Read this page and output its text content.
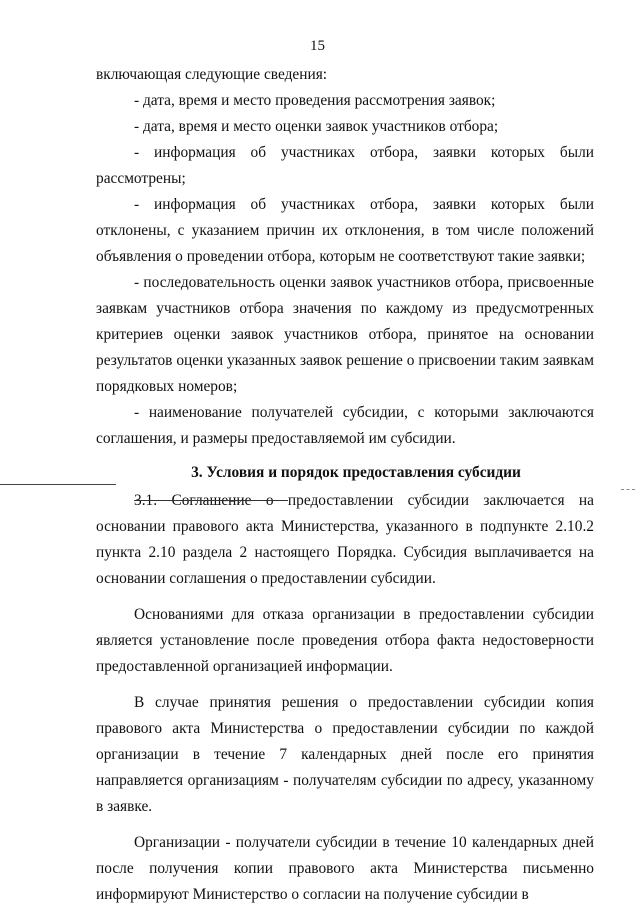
15

включающая следующие сведения:

- дата, время и место проведения рассмотрения заявок;

- дата, время и место оценки заявок участников отбора;

- информация об участниках отбора, заявки которых были рассмотрены;

- информация об участниках отбора, заявки которых были отклонены, с указанием причин их отклонения, в том числе положений объявления о проведении отбора, которым не соответствуют такие заявки;

- последовательность оценки заявок участников отбора, присвоенные заявкам участников отбора значения по каждому из предусмотренных критериев оценки заявок участников отбора, принятое на основании результатов оценки указанных заявок решение о присвоении таким заявкам порядковых номеров;

- наименование получателей субсидии, с которыми заключаются соглашения, и размеры предоставляемой им субсидии.

3. Условия и порядок предоставления субсидии

3.1. Соглашение о предоставлении субсидии заключается на основании правового акта Министерства, указанного в подпункте 2.10.2 пункта 2.10 раздела 2 настоящего Порядка. Субсидия выплачивается на основании соглашения о предоставлении субсидии.

Основаниями для отказа организации в предоставлении субсидии является установление после проведения отбора факта недостоверности предоставленной организацией информации.

В случае принятия решения о предоставлении субсидии копия правового акта Министерства о предоставлении субсидии по каждой организации в течение 7 календарных дней после его принятия направляется организациям - получателям субсидии по адресу, указанному в заявке.

Организации - получатели субсидии в течение 10 календарных дней после получения копии правового акта Министерства письменно информируют Министерство о согласии на получение субсидии в
